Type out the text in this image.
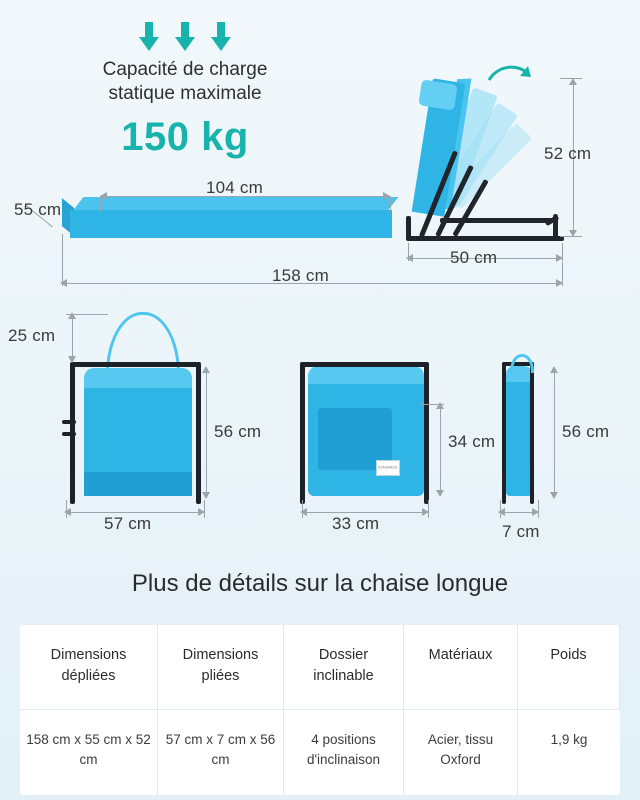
Capacité de charge
statique maximale
150 kg
104 cm
55 cm
52 cm
50 cm
158 cm
25 cm
56 cm
57 cm
SONGMICS
34 cm
33 cm
56 cm
7 cm
Plus de détails sur la chaise longue
Dimensions dépliées
Dimensions pliées
Dossier inclinable
Matériaux	Poids
158 cm x 55 cm x 52 cm
57 cm x 7 cm x 56 cm
4 positions d'inclinaison
Acier, tissu Oxford
1,9 kg
